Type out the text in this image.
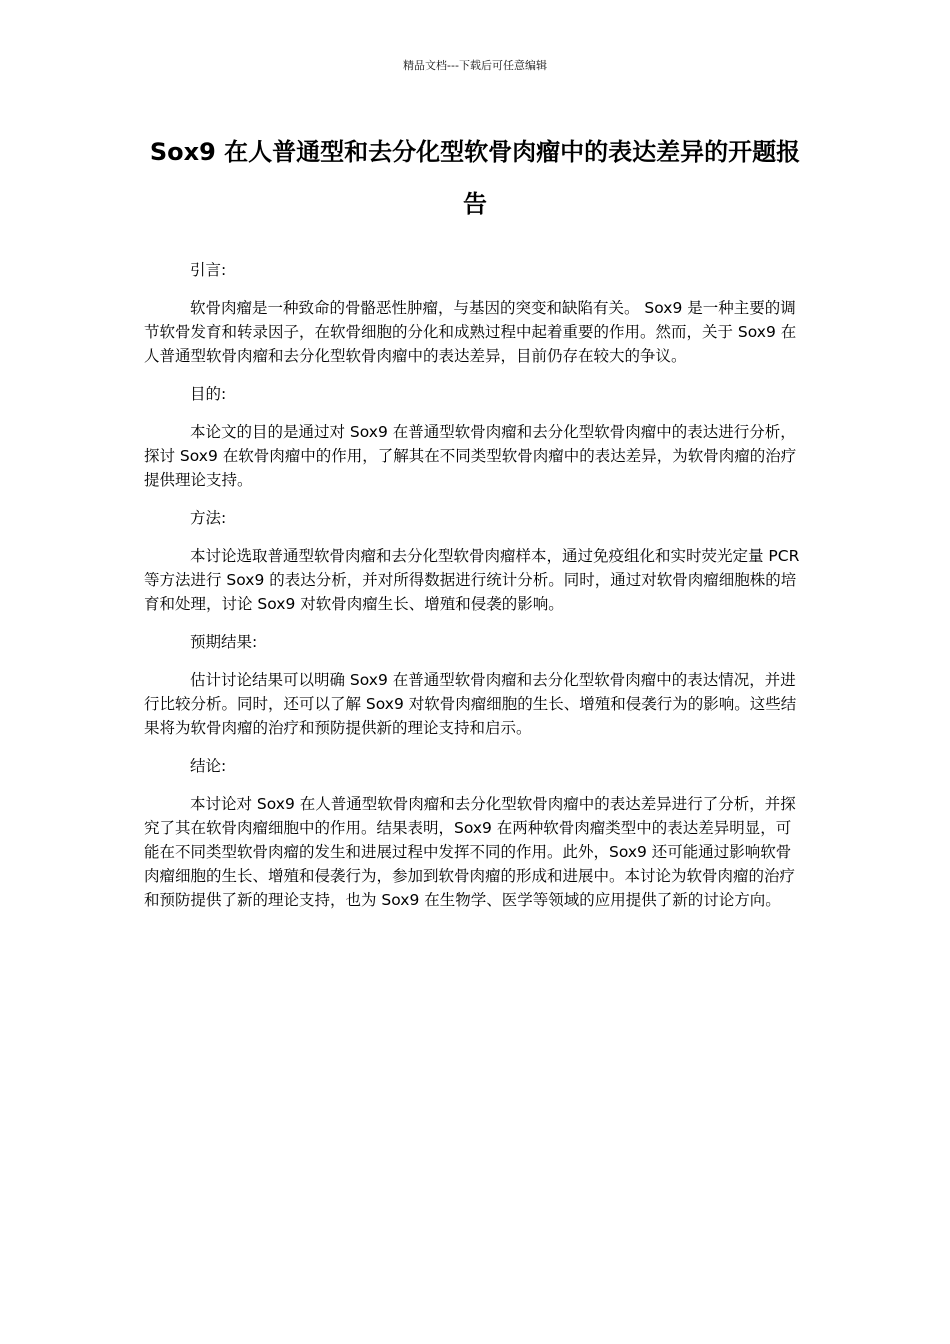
精品文档---下载后可任意编辑
Sox9 在人普通型和去分化型软骨肉瘤中的表达差异的开题报告

引言:

软骨肉瘤是一种致命的骨骼恶性肿瘤，与基因的突变和缺陷有关。 Sox9 是一种主要的调节软骨发育和转录因子，在软骨细胞的分化和成熟过程中起着重要的作用。然而，关于 Sox9 在人普通型软骨肉瘤和去分化型软骨肉瘤中的表达差异，目前仍存在较大的争议。

目的:

本论文的目的是通过对 Sox9 在普通型软骨肉瘤和去分化型软骨肉瘤中的表达进行分析，探讨 Sox9 在软骨肉瘤中的作用，了解其在不同类型软骨肉瘤中的表达差异，为软骨肉瘤的治疗提供理论支持。

方法:

本讨论选取普通型软骨肉瘤和去分化型软骨肉瘤样本，通过免疫组化和实时荧光定量 PCR 等方法进行 Sox9 的表达分析，并对所得数据进行统计分析。同时，通过对软骨肉瘤细胞株的培育和处理，讨论 Sox9 对软骨肉瘤生长、增殖和侵袭的影响。

预期结果:

估计讨论结果可以明确 Sox9 在普通型软骨肉瘤和去分化型软骨肉瘤中的表达情况，并进行比较分析。同时，还可以了解 Sox9 对软骨肉瘤细胞的生长、增殖和侵袭行为的影响。这些结果将为软骨肉瘤的治疗和预防提供新的理论支持和启示。

结论:

本讨论对 Sox9 在人普通型软骨肉瘤和去分化型软骨肉瘤中的表达差异进行了分析，并探究了其在软骨肉瘤细胞中的作用。结果表明，Sox9 在两种软骨肉瘤类型中的表达差异明显，可能在不同类型软骨肉瘤的发生和进展过程中发挥不同的作用。此外，Sox9 还可能通过影响软骨肉瘤细胞的生长、增殖和侵袭行为，参加到软骨肉瘤的形成和进展中。本讨论为软骨肉瘤的治疗和预防提供了新的理论支持，也为 Sox9 在生物学、医学等领域的应用提供了新的讨论方向。
